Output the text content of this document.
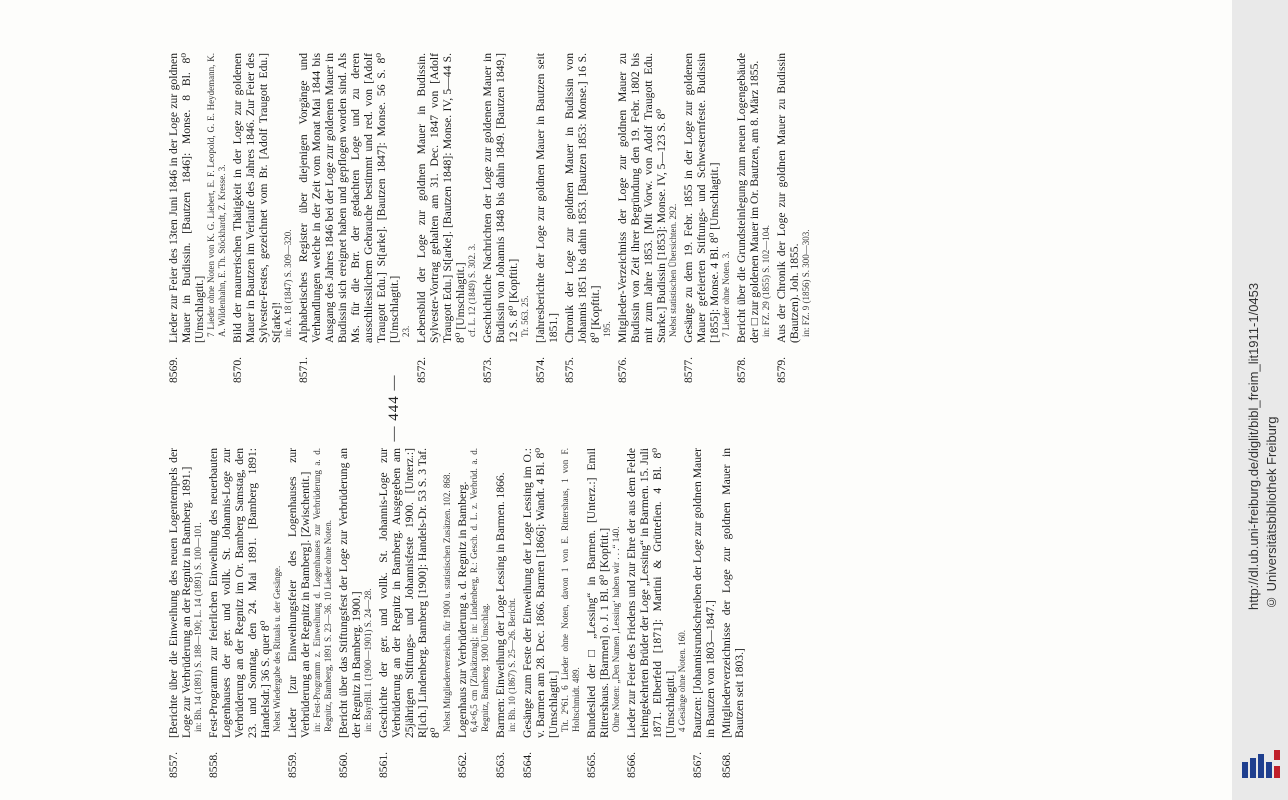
— 444 —
8557.
[Berichte über die Einweihung des neuen Logentempels der Loge zur Verbrüderung an der Regnitz in Bamberg. 1891.] in: Bh. 14 (1891) S. 188—190; L. 14 (1891) S. 100—101.
8558.
Fest-Programm zur feierlichen Einweihung des neuerbauten Logenhauses der ger. und vollk. St. Johannis-Loge zur Verbrüderung an der Regnitz im Or. Bamberg Samstag, den 23. und Sonntag, den 24. Mai 1891. [Bamberg 1891: Handelsdr.] 36 S. quer 8⁰ Nebst Wiedergabe des Rituals u. der Gesänge.
8559.
Lieder [zur Einweihungsfeier des Logenhauses zur Verbrüderung an der Regnitz in Bamberg]. [Zwischentit.] in: Fest-Programm z. Einweihung d. Logenhauses zur Verbrüderung a. d. Regnitz, Bamberg, 1891 S. 23—36. 10 Lieder ohne Noten.
8560.
[Bericht über das Stiftungsfest der Loge zur Verbrüderung an der Regnitz in Bamberg. 1900.] in: BayrBll. 1 (1900—1901) S. 24—28.
8561.
Geschichte der ger. und vollk. St. Johannis-Loge zur Verbrüderung an der Regnitz in Bamberg. Ausgegeben am 25jährigen Stiftungs- und Johannisfeste 1900. [Unterz.:] R[ich.] Lindenberg. Bamberg [1900]: Handels-Dr. 53 S. 3 Taf. 8⁰
Nebst Mitgliederverzeichn. für 1900 u. statistischen Zusätzen. 102. 868.
8562.
Logenhaus zur Verbrüderung a. d. Regnitz in Bamberg. 6,4×6,5 cm [Zinkätzung]; in: Lindenberg, R.: Gesch. d. L. z. Verbrüd. a. d. Regnitz, Bamberg. 1900 Umschlag.
8563.
Barmen: Einweihung der Loge Lessing in Barmen. 1866. in: Bh. 10 (1867) S. 25—26. Bericht.
8564.
Gesänge zum Feste der Einweihung der Loge Lessing im O.: v. Barmen am 28. Dec. 1866. Barmen [1866]: Wandt. 4 Bl. 8⁰ [Umschlagtit.] Tit. 2⁰61. 6 Lieder ohne Noten, davon 1 von E. Rittershaus, 1 von F. Holtschmidt. 489.
8565.
Bundeslied der □ „Lessing“ in Barmen. [Unterz.:] Emil Rittershaus. [Barmen] o. J. 1 Bl. 8⁰ [Kopftit.] Ohne Noten: „Den Namen ‚Lessing‘ haben wir . . .“ 140.
8566.
Lieder zur Feier des Friedens und zur Ehre der aus dem Felde heimgekehrten Brüder der Loge „Lessing“ in Barmen. 15. Juli 1871. Elberfeld [1871]: Martini & Grüttefien. 4 Bl. 8⁰ [Umschlagtit.] 4 Gesänge ohne Noten. 160.
8567.
Bautzen: [Johannisrundschreiben der Loge zur goldnen Mauer in Bautzen von 1803—1847.]
8568.
[Mitgliederverzeichnisse der Loge zur goldnen Mauer in Bautzen seit 1803.]
8569.
Lieder zur Feier des 13ten Juni 1846 in der Loge zur goldnen Mauer in Budissin. [Bautzen 1846]: Monse. 8 Bl. 8⁰ [Umschlagtit.] 7 Lieder ohne Noten von K. G. Liebert, E. F. Leopold, G. E. Heydemann, K. A. Wildenhahn, E. Th. Stöckhardt, Z. Kresse. 3.
8570.
Bild der maurerischen Thätigkeit in der Loge zur goldenen Mauer in Bautzen im Verlaufe des Jahres 1846. Zur Feier des Sylvester-Festes, gezeichnet vom Br. [Adolf Traugott Edu.] St[arke]! in: A. 18 (1847) S. 309—320.
8571.
Alphabetisches Register über diejenigen Vorgänge und Verhandlungen welche in der Zeit vom Monat Mai 1844 bis Ausgang des Jahres 1846 bei der Loge zur goldenen Mauer in Budissin sich ereignet haben und gepflogen worden sind. Als Ms. für die Brr. der gedachten Loge und zu deren ausschliesslichem Gebrauche bestimmt und red. von [Adolf Traugott Edu.] St[arke]. [Bautzen 1847]: Monse. 56 S. 8⁰ [Umschlagtit.] 23.
8572.
Lebensbild der Loge zur goldnen Mauer in Budissin. Sylvester-Vortrag gehalten am 31. Dec. 1847 von [Adolf Traugott Edu.] St[arke]. [Bautzen 1848]: Monse. IV, 5—44 S. 8⁰ [Umschlagtit.] cf. L. 12 (1849) S. 302. 3.
8573.
Geschichtliche Nachrichten der Loge zur goldenen Mauer in Budissin von Johannis 1848 bis dahin 1849. [Bautzen 1849.] 12 S. 8⁰ [Kopftit.] Tr. 563. 25.
8574.
[Jahresberichte der Loge zur goldnen Mauer in Bautzen seit 1851.]
8575.
Chronik der Loge zur goldnen Mauer in Budissin von Johannis 1851 bis dahin 1853. [Bautzen 1853: Monse.] 16 S. 8⁰ [Kopftit.] 195.
8576.
Mitglieder-Verzeichniss der Loge zur goldnen Mauer zu Budissin von Zeit ihrer Begründung den 19. Febr. 1802 bis mit zum Jahre 1853. [Mit Vorw. von Adolf Traugott Edu. Starke.] Budissin [1853]: Monse. IV, 5—123 S. 8⁰ Nebst statistischen Übersichten. 292.
8577.
Gesänge zu dem 19. Febr. 1855 in der Loge zur goldenen Mauer gefeierten Stiftungs- und Schwesternfeste. Budissin [1855]: Monse. 4 Bl. 8⁰ [Umschlagtit.] 7 Lieder ohne Noten. 3.
8578.
Bericht über die Grundsteinlegung zum neuen Logengebäude der □ zur goldenen Mauer im Or. Bautzen, am 8. März 1855. in: FZ. 29 (1855) S. 102—104.
8579.
Aus der Chronik der Loge zur goldnen Mauer zu Budissin (Bautzen). Joh. 1855. in: FZ. 9 (1856) S. 300—303.	http://dl.ub.uni-freiburg.de/diglit/bibl_freim_lit1911-1/0453 © Universitätsbibliothek Freiburg
